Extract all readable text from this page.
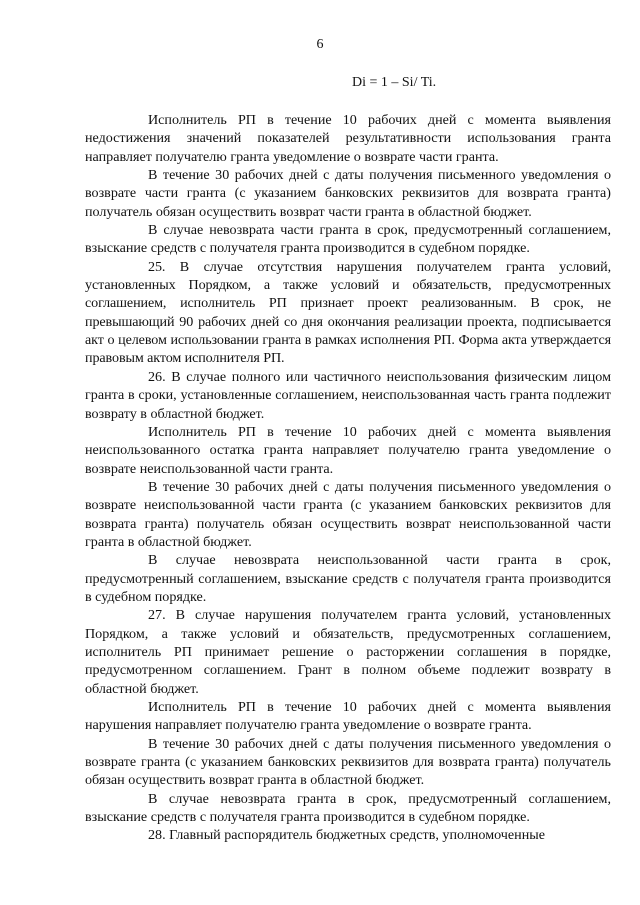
6
Di = 1 – Si/ Ti.

Исполнитель РП в течение 10 рабочих дней с момента выявления недостижения значений показателей результативности использования гранта направляет получателю гранта уведомление о возврате части гранта.

В течение 30 рабочих дней с даты получения письменного уведомления о возврате части гранта (с указанием банковских реквизитов для возврата гранта) получатель обязан осуществить возврат части гранта в областной бюджет.

В случае невозврата части гранта в срок, предусмотренный соглашением, взыскание средств с получателя гранта производится в судебном порядке.

25. В случае отсутствия нарушения получателем гранта условий, установленных Порядком, а также условий и обязательств, предусмотренных соглашением, исполнитель РП признает проект реализованным. В срок, не превышающий 90 рабочих дней со дня окончания реализации проекта, подписывается акт о целевом использовании гранта в рамках исполнения РП. Форма акта утверждается правовым актом исполнителя РП.

26. В случае полного или частичного неиспользования физическим лицом гранта в сроки, установленные соглашением, неиспользованная часть гранта подлежит возврату в областной бюджет.

Исполнитель РП в течение 10 рабочих дней с момента выявления неиспользованного остатка гранта направляет получателю гранта уведомление о возврате неиспользованной части гранта.

В течение 30 рабочих дней с даты получения письменного уведомления о возврате неиспользованной части гранта (с указанием банковских реквизитов для возврата гранта) получатель обязан осуществить возврат неиспользованной части гранта в областной бюджет.

В случае невозврата неиспользованной части гранта в срок, предусмотренный соглашением, взыскание средств с получателя гранта производится в судебном порядке.

27. В случае нарушения получателем гранта условий, установленных Порядком, а также условий и обязательств, предусмотренных соглашением, исполнитель РП принимает решение о расторжении соглашения в порядке, предусмотренном соглашением. Грант в полном объеме подлежит возврату в областной бюджет.

Исполнитель РП в течение 10 рабочих дней с момента выявления нарушения направляет получателю гранта уведомление о возврате гранта.

В течение 30 рабочих дней с даты получения письменного уведомления о возврате гранта (с указанием банковских реквизитов для возврата гранта) получатель обязан осуществить возврат гранта в областной бюджет.

В случае невозврата гранта в срок, предусмотренный соглашением, взыскание средств с получателя гранта производится в судебном порядке.

28. Главный распорядитель бюджетных средств, уполномоченные
